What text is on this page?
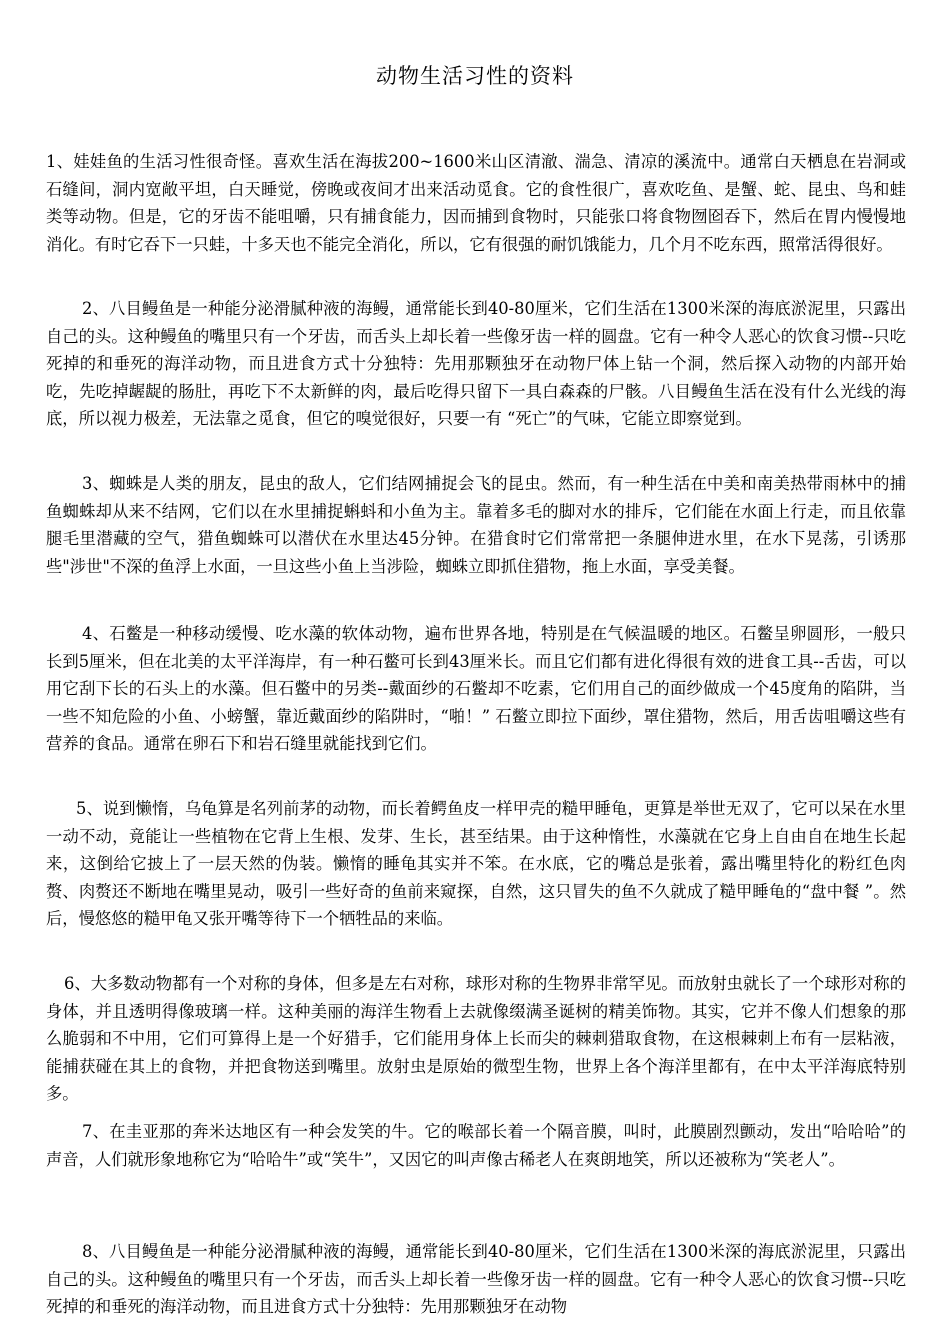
动物生活习性的资料

1、娃娃鱼的生活习性很奇怪。喜欢生活在海拔200~1600米山区清澈、湍急、清凉的溪流中。通常白天栖息在岩洞或石缝间，洞内宽敞平坦，白天睡觉，傍晚或夜间才出来活动觅食。它的食性很广，喜欢吃鱼、是蟹、蛇、昆虫、鸟和蛙类等动物。但是，它的牙齿不能咀嚼，只有捕食能力，因而捕到食物时，只能张口将食物囫囵吞下，然后在胃内慢慢地消化。有时它吞下一只蛙，十多天也不能完全消化，所以，它有很强的耐饥饿能力，几个月不吃东西，照常活得很好。

2、八目鳗鱼是一种能分泌滑腻种液的海鳗，通常能长到40-80厘米，它们生活在1300米深的海底淤泥里，只露出自己的头。这种鳗鱼的嘴里只有一个牙齿，而舌头上却长着一些像牙齿一样的圆盘。它有一种令人恶心的饮食习惯--只吃死掉的和垂死的海洋动物，而且进食方式十分独特：先用那颗独牙在动物尸体上钻一个洞，然后探入动物的内部开始吃，先吃掉龌龊的肠肚，再吃下不太新鲜的肉，最后吃得只留下一具白森森的尸骸。八目鳗鱼生活在没有什么光线的海底，所以视力极差，无法靠之觅食，但它的嗅觉很好，只要一有 “死亡”的气味，它能立即察觉到。

3、蜘蛛是人类的朋友，昆虫的敌人，它们结网捕捉会飞的昆虫。然而，有一种生活在中美和南美热带雨林中的捕鱼蜘蛛却从来不结网，它们以在水里捕捉蝌蚪和小鱼为主。靠着多毛的脚对水的排斥，它们能在水面上行走，而且依靠腿毛里潜藏的空气，猎鱼蜘蛛可以潜伏在水里达45分钟。在猎食时它们常常把一条腿伸进水里，在水下晃荡，引诱那些"涉世"不深的鱼浮上水面，一旦这些小鱼上当涉险，蜘蛛立即抓住猎物，拖上水面，享受美餐。

4、石鳖是一种移动缓慢、吃水藻的软体动物，遍布世界各地，特别是在气候温暖的地区。石鳖呈卵圆形，一般只长到5厘米，但在北美的太平洋海岸，有一种石鳖可长到43厘米长。而且它们都有进化得很有效的进食工具--舌齿，可以用它刮下长的石头上的水藻。但石鳖中的另类--戴面纱的石鳖却不吃素，它们用自己的面纱做成一个45度角的陷阱，当一些不知危险的小鱼、小螃蟹，靠近戴面纱的陷阱时，“啪！” 石鳖立即拉下面纱，罩住猎物，然后，用舌齿咀嚼这些有营养的食品。通常在卵石下和岩石缝里就能找到它们。

5、说到懒惰，乌龟算是名列前茅的动物，而长着鳄鱼皮一样甲壳的糙甲睡龟，更算是举世无双了，它可以呆在水里一动不动，竟能让一些植物在它背上生根、发芽、生长，甚至结果。由于这种惰性，水藻就在它身上自由自在地生长起来，这倒给它披上了一层天然的伪装。懒惰的睡龟其实并不笨。在水底，它的嘴总是张着，露出嘴里特化的粉红色肉赘、肉赘还不断地在嘴里晃动，吸引一些好奇的鱼前来窥探，自然，这只冒失的鱼不久就成了糙甲睡龟的“盘中餐 ”。然后，慢悠悠的糙甲龟又张开嘴等待下一个牺牲品的来临。

6、大多数动物都有一个对称的身体，但多是左右对称，球形对称的生物界非常罕见。而放射虫就长了一个球形对称的身体，并且透明得像玻璃一样。这种美丽的海洋生物看上去就像缀满圣诞树的精美饰物。其实，它并不像人们想象的那么脆弱和不中用，它们可算得上是一个好猎手，它们能用身体上长而尖的棘刺猎取食物，在这根棘刺上布有一层粘液，能捕获碰在其上的食物，并把食物送到嘴里。放射虫是原始的微型生物，世界上各个海洋里都有，在中太平洋海底特别多。

7、在圭亚那的奔米达地区有一种会发笑的牛。它的喉部长着一个隔音膜，叫时，此膜剧烈颤动，发出“哈哈哈”的声音，人们就形象地称它为“哈哈牛”或“笑牛”，又因它的叫声像古稀老人在爽朗地笑，所以还被称为“笑老人”。

8、八目鳗鱼是一种能分泌滑腻种液的海鳗，通常能长到40-80厘米，它们生活在1300米深的海底淤泥里，只露出自己的头。这种鳗鱼的嘴里只有一个牙齿，而舌头上却长着一些像牙齿一样的圆盘。它有一种令人恶心的饮食习惯--只吃死掉的和垂死的海洋动物，而且进食方式十分独特：先用那颗独牙在动物
